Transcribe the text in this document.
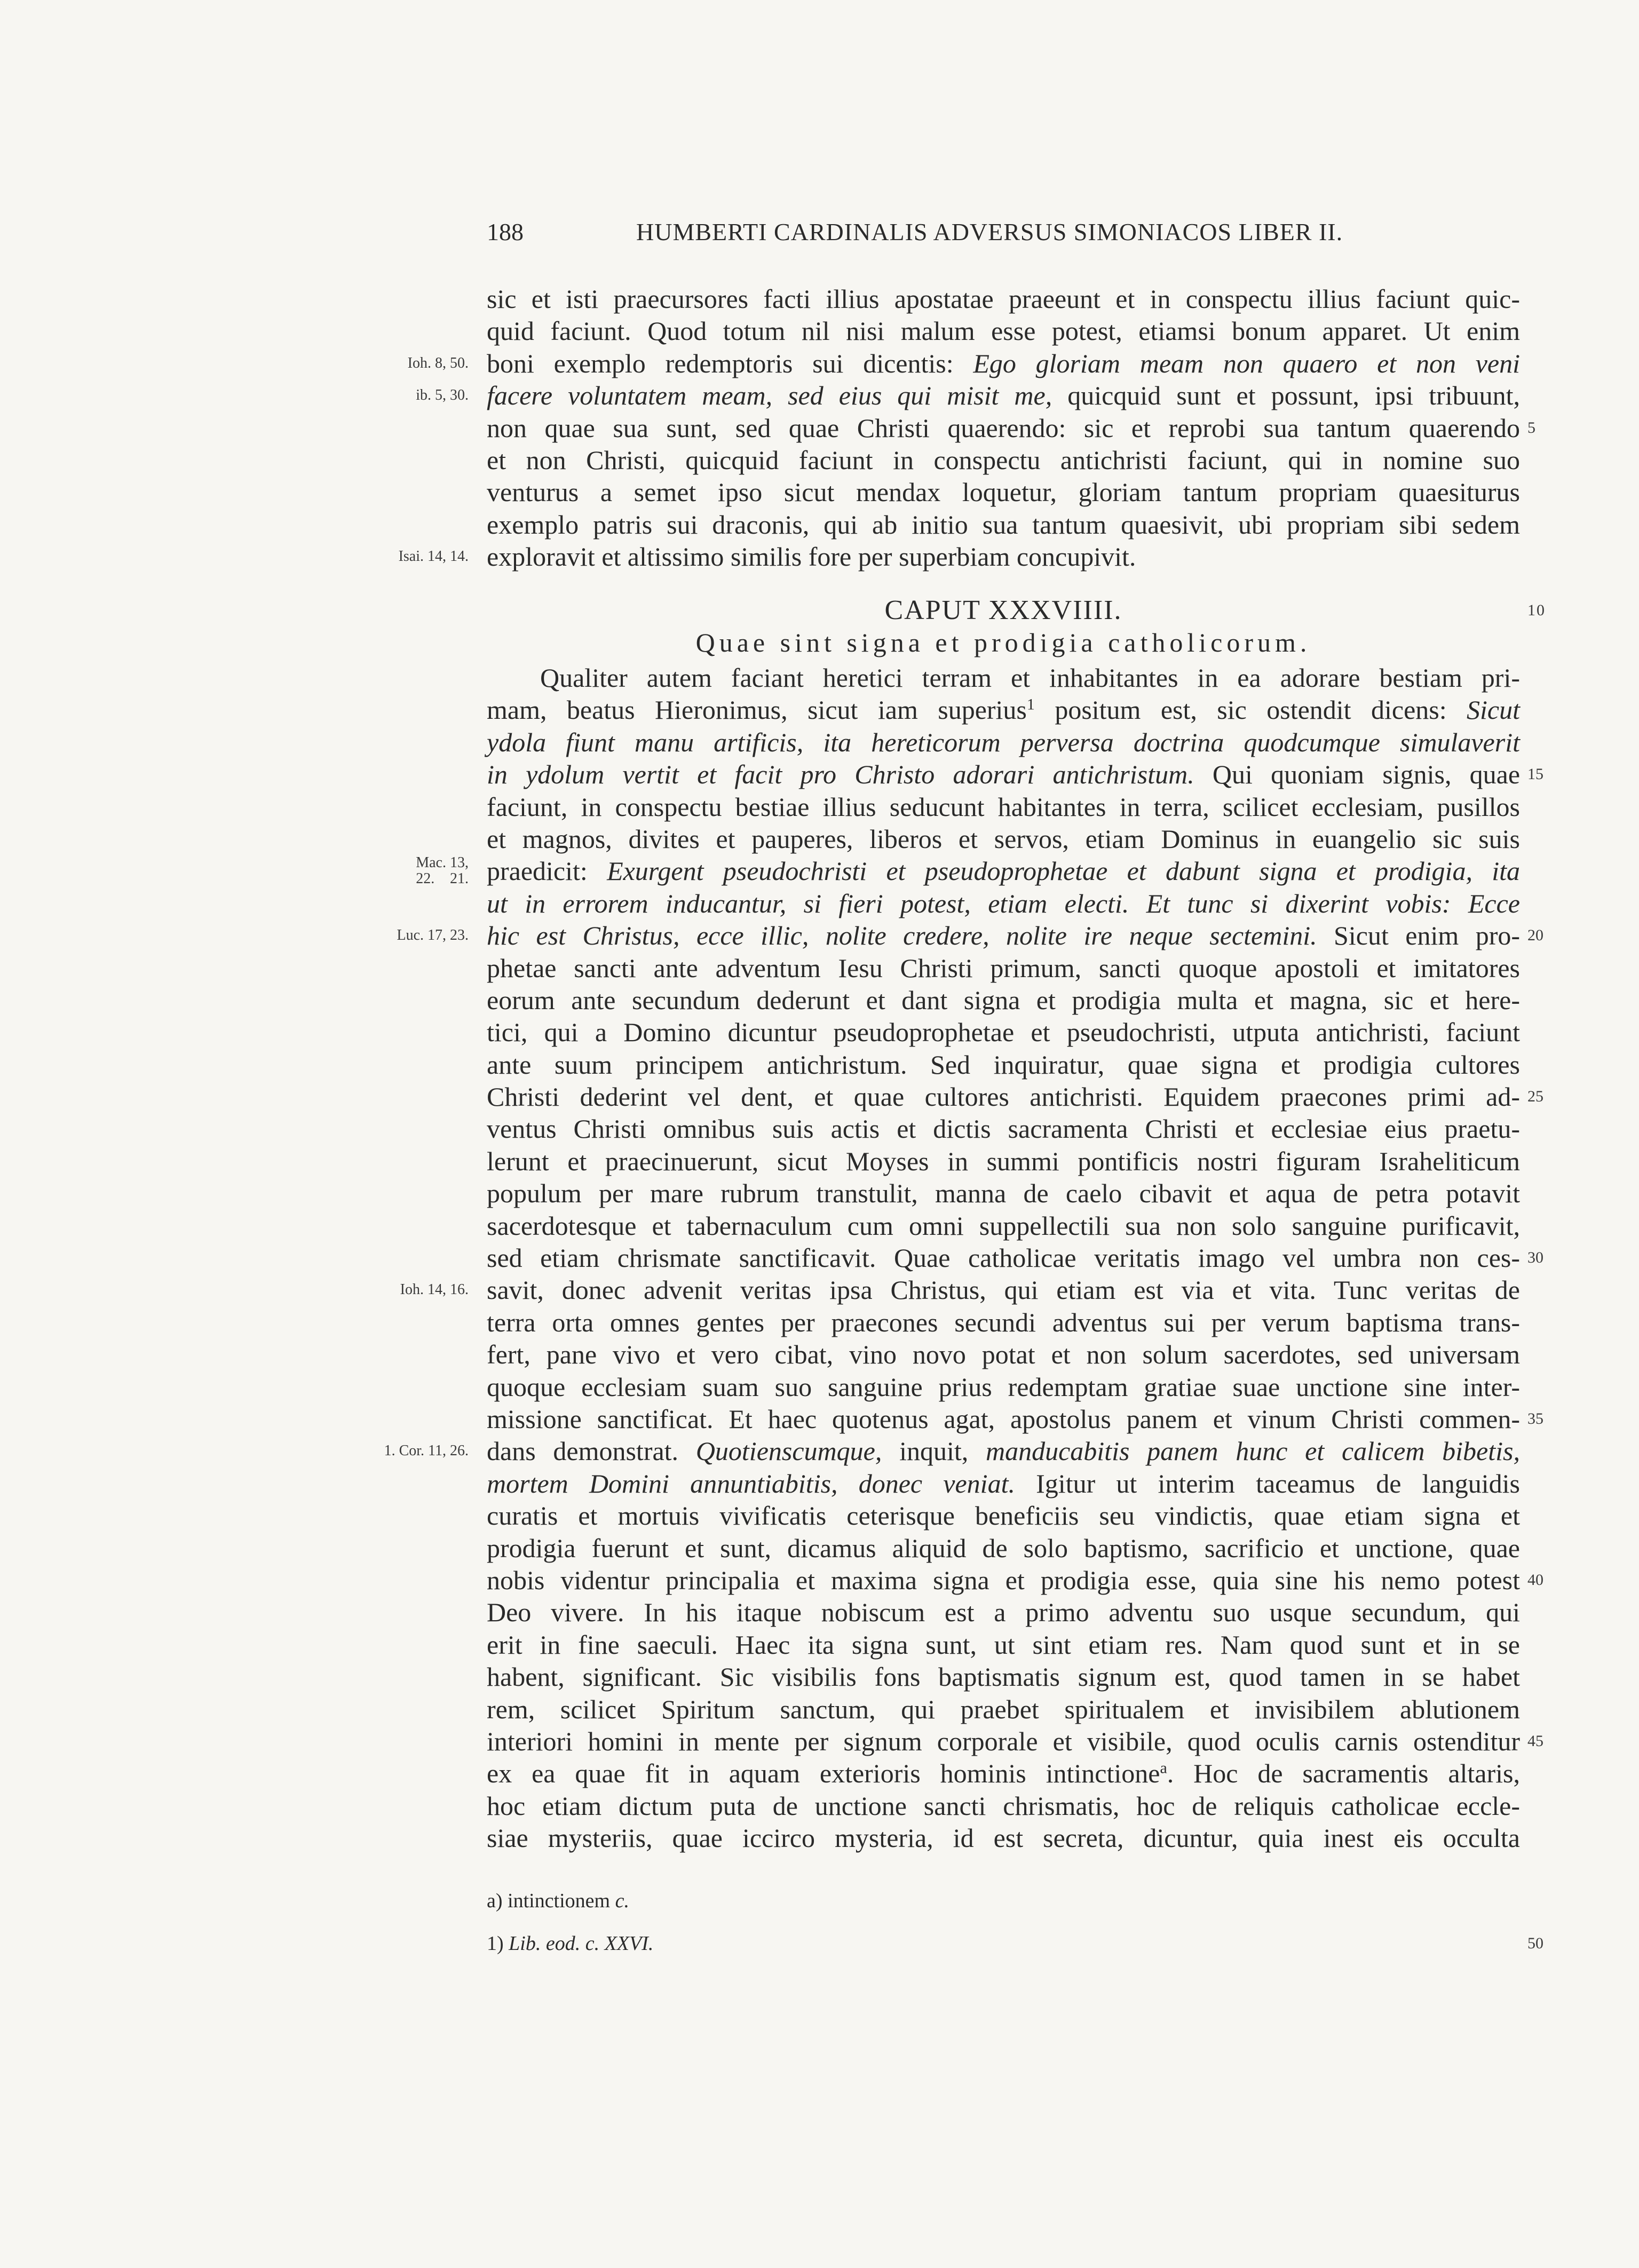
188	HUMBERTI CARDINALIS ADVERSUS SIMONIACOS LIBER II.
sic et isti praecursores facti illius apostatae praeeunt et in conspectu illius faciunt quic-
quid faciunt. Quod totum nil nisi malum esse potest, etiamsi bonum apparet. Ut enim
boni exemplo redemptoris sui dicentis: Ego gloriam meam non quaero et non veni
Ioh. 8, 50.
facere voluntatem meam, sed eius qui misit me, quicquid sunt et possunt, ipsi tribuunt,
ib. 5, 30.
non quae sua sunt, sed quae Christi quaerendo: sic et reprobi sua tantum quaerendo 5
et non Christi, quicquid faciunt in conspectu antichristi faciunt, qui in nomine suo
venturus a semet ipso sicut mendax loquetur, gloriam tantum propriam quaesiturus
exemplo patris sui draconis, qui ab initio sua tantum quaesivit, ubi propriam sibi sedem
exploravit et altissimo similis fore per superbiam concupivit.
Isai. 14, 14.
CAPUT XXXVIIII.	10
Quae sint signa et prodigia catholicorum.
Qualiter autem faciant heretici terram et inhabitantes in ea adorare bestiam pri-
mam, beatus Hieronimus, sicut iam superius$^1$ positum est, sic ostendit dicens: Sicut
ydola fiunt manu artificis, ita hereticorum perversa doctrina quodcumque simulaverit
in ydolum vertit et facit pro Christo adorari antichristum. Qui quoniam signis, quae 15
faciunt, in conspectu bestiae illius seducunt habitantes in terra, scilicet ecclesiam, pusillos
et magnos, divites et pauperes, liberos et servos, etiam Dominus in euangelio sic suis
praedicit: Exurgent pseudochristi et pseudoprophetae et dabunt signa et prodigia, ita
Mac. 13,
22. 21.
ut in errorem inducantur, si fieri potest, etiam electi. Et tunc si dixerint vobis: Ecce
hic est Christus, ecce illic, nolite credere, nolite ire neque sectemini. Sicut enim pro-
Luc. 17, 23.	20
phetae sancti ante adventum Iesu Christi primum, sancti quoque apostoli et imitatores
eorum ante secundum dederunt et dant signa et prodigia multa et magna, sic et here-
tici, qui a Domino dicuntur pseudoprophetae et pseudochristi, utputa antichristi, faciunt
ante suum principem antichristum. Sed inquiratur, quae signa et prodigia cultores
Christi dederint vel dent, et quae cultores antichristi. Equidem praecones primi ad- 25
ventus Christi omnibus suis actis et dictis sacramenta Christi et ecclesiae eius praetu-
lerunt et praecinuerunt, sicut Moyses in summi pontificis nostri figuram Israheliticum
populum per mare rubrum transtulit, manna de caelo cibavit et aqua de petra potavit
sacerdotesque et tabernaculum cum omni suppellectili sua non solo sanguine purificavit,
sed etiam chrismate sanctificavit. Quae catholicae veritatis imago vel umbra non ces- 30
savit, donec advenit veritas ipsa Christus, qui etiam est via et vita. Tunc veritas de
Ioh. 14, 16.
terra orta omnes gentes per praecones secundi adventus sui per verum baptisma trans-
fert, pane vivo et vero cibat, vino novo potat et non solum sacerdotes, sed universam
quoque ecclesiam suam suo sanguine prius redemptam gratiae suae unctione sine inter-
missione sanctificat. Et haec quotenus agat, apostolus panem et vinum Christi commen- 35
dans demonstrat. Quotienscumque, inquit, manducabitis panem hunc et calicem bibetis,
1. Cor. 11, 26.
mortem Domini annuntiabitis, donec veniat. Igitur ut interim taceamus de languidis
curatis et mortuis vivificatis ceterisque beneficiis seu vindictis, quae etiam signa et
prodigia fuerunt et sunt, dicamus aliquid de solo baptismo, sacrificio et unctione, quae
nobis videntur principalia et maxima signa et prodigia esse, quia sine his nemo potest 40
Deo vivere. In his itaque nobiscum est a primo adventu suo usque secundum, qui
erit in fine saeculi. Haec ita signa sunt, ut sint etiam res. Nam quod sunt et in se
habent, significant. Sic visibilis fons baptismatis signum est, quod tamen in se habet
rem, scilicet Spiritum sanctum, qui praebet spiritualem et invisibilem ablutionem
interiori homini in mente per signum corporale et visibile, quod oculis carnis ostenditur 45
ex ea quae fit in aquam exterioris hominis intinctione$^a$. Hoc de sacramentis altaris,
hoc etiam dictum puta de unctione sancti chrismatis, hoc de reliquis catholicae eccle-
siae mysteriis, quae iccirco mysteria, id est secreta, dicuntur, quia inest eis occulta
a) intinctionem c.
1) Lib. eod. c. XXVI.	50
